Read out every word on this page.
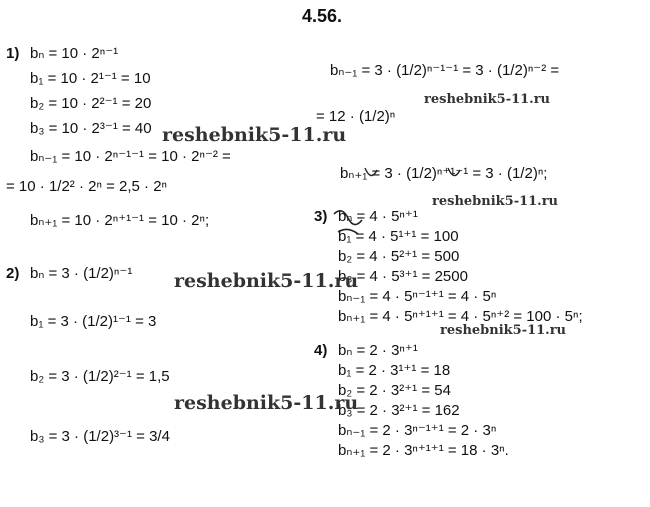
4.56.
1) bₙ = 10 · 2ⁿ⁻¹
b₁ = 10 · 2¹⁻¹ = 10
b₂ = 10 · 2²⁻¹ = 20
b₃ = 10 · 2³⁻¹ = 40
bₙ₋₁ = 10 · 2ⁿ⁻¹⁻¹ = 10 · 2ⁿ⁻² =
= 10 · 1/2² · 2ⁿ = 2,5 · 2ⁿ
bₙ₊₁ = 10 · 2ⁿ⁺¹⁻¹ = 10 · 2ⁿ;
2) bₙ = 3 · (1/2)ⁿ⁻¹
b₁ = 3 · (1/2)¹⁻¹ = 3
b₂ = 3 · (1/2)²⁻¹ = 1,5
b₃ = 3 · (1/2)³⁻¹ = 3/4
bₙ₋₁ = 3 · (1/2)ⁿ⁻¹⁻¹ = 3 · (1/2)ⁿ⁻² =
= 12 · (1/2)ⁿ
bₙ₊₁ = 3 · (1/2)ⁿ⁺¹⁻¹ = 3 · (1/2)ⁿ;
3) bₙ = 4 · 5ⁿ⁺¹
b₁ = 4 · 5¹⁺¹ = 100
b₂ = 4 · 5²⁺¹ = 500
b₃ = 4 · 5³⁺¹ = 2500
bₙ₋₁ = 4 · 5ⁿ⁻¹⁺¹ = 4 · 5ⁿ
bₙ₊₁ = 4 · 5ⁿ⁺¹⁺¹ = 4 · 5ⁿ⁺² = 100 · 5ⁿ;
4) bₙ = 2 · 3ⁿ⁺¹
b₁ = 2 · 3¹⁺¹ = 18
b₂ = 2 · 3²⁺¹ = 54
b₃ = 2 · 3²⁺¹ = 162
bₙ₋₁ = 2 · 3ⁿ⁻¹⁺¹ = 2 · 3ⁿ
bₙ₊₁ = 2 · 3ⁿ⁺¹⁺¹ = 18 · 3ⁿ.
reshebnik5-11.ru
reshebnik5-11.ru
reshebnik5-11.ru
reshebnik5-11.ru
reshebnik5-11.ru
reshebnik5-11.ru
